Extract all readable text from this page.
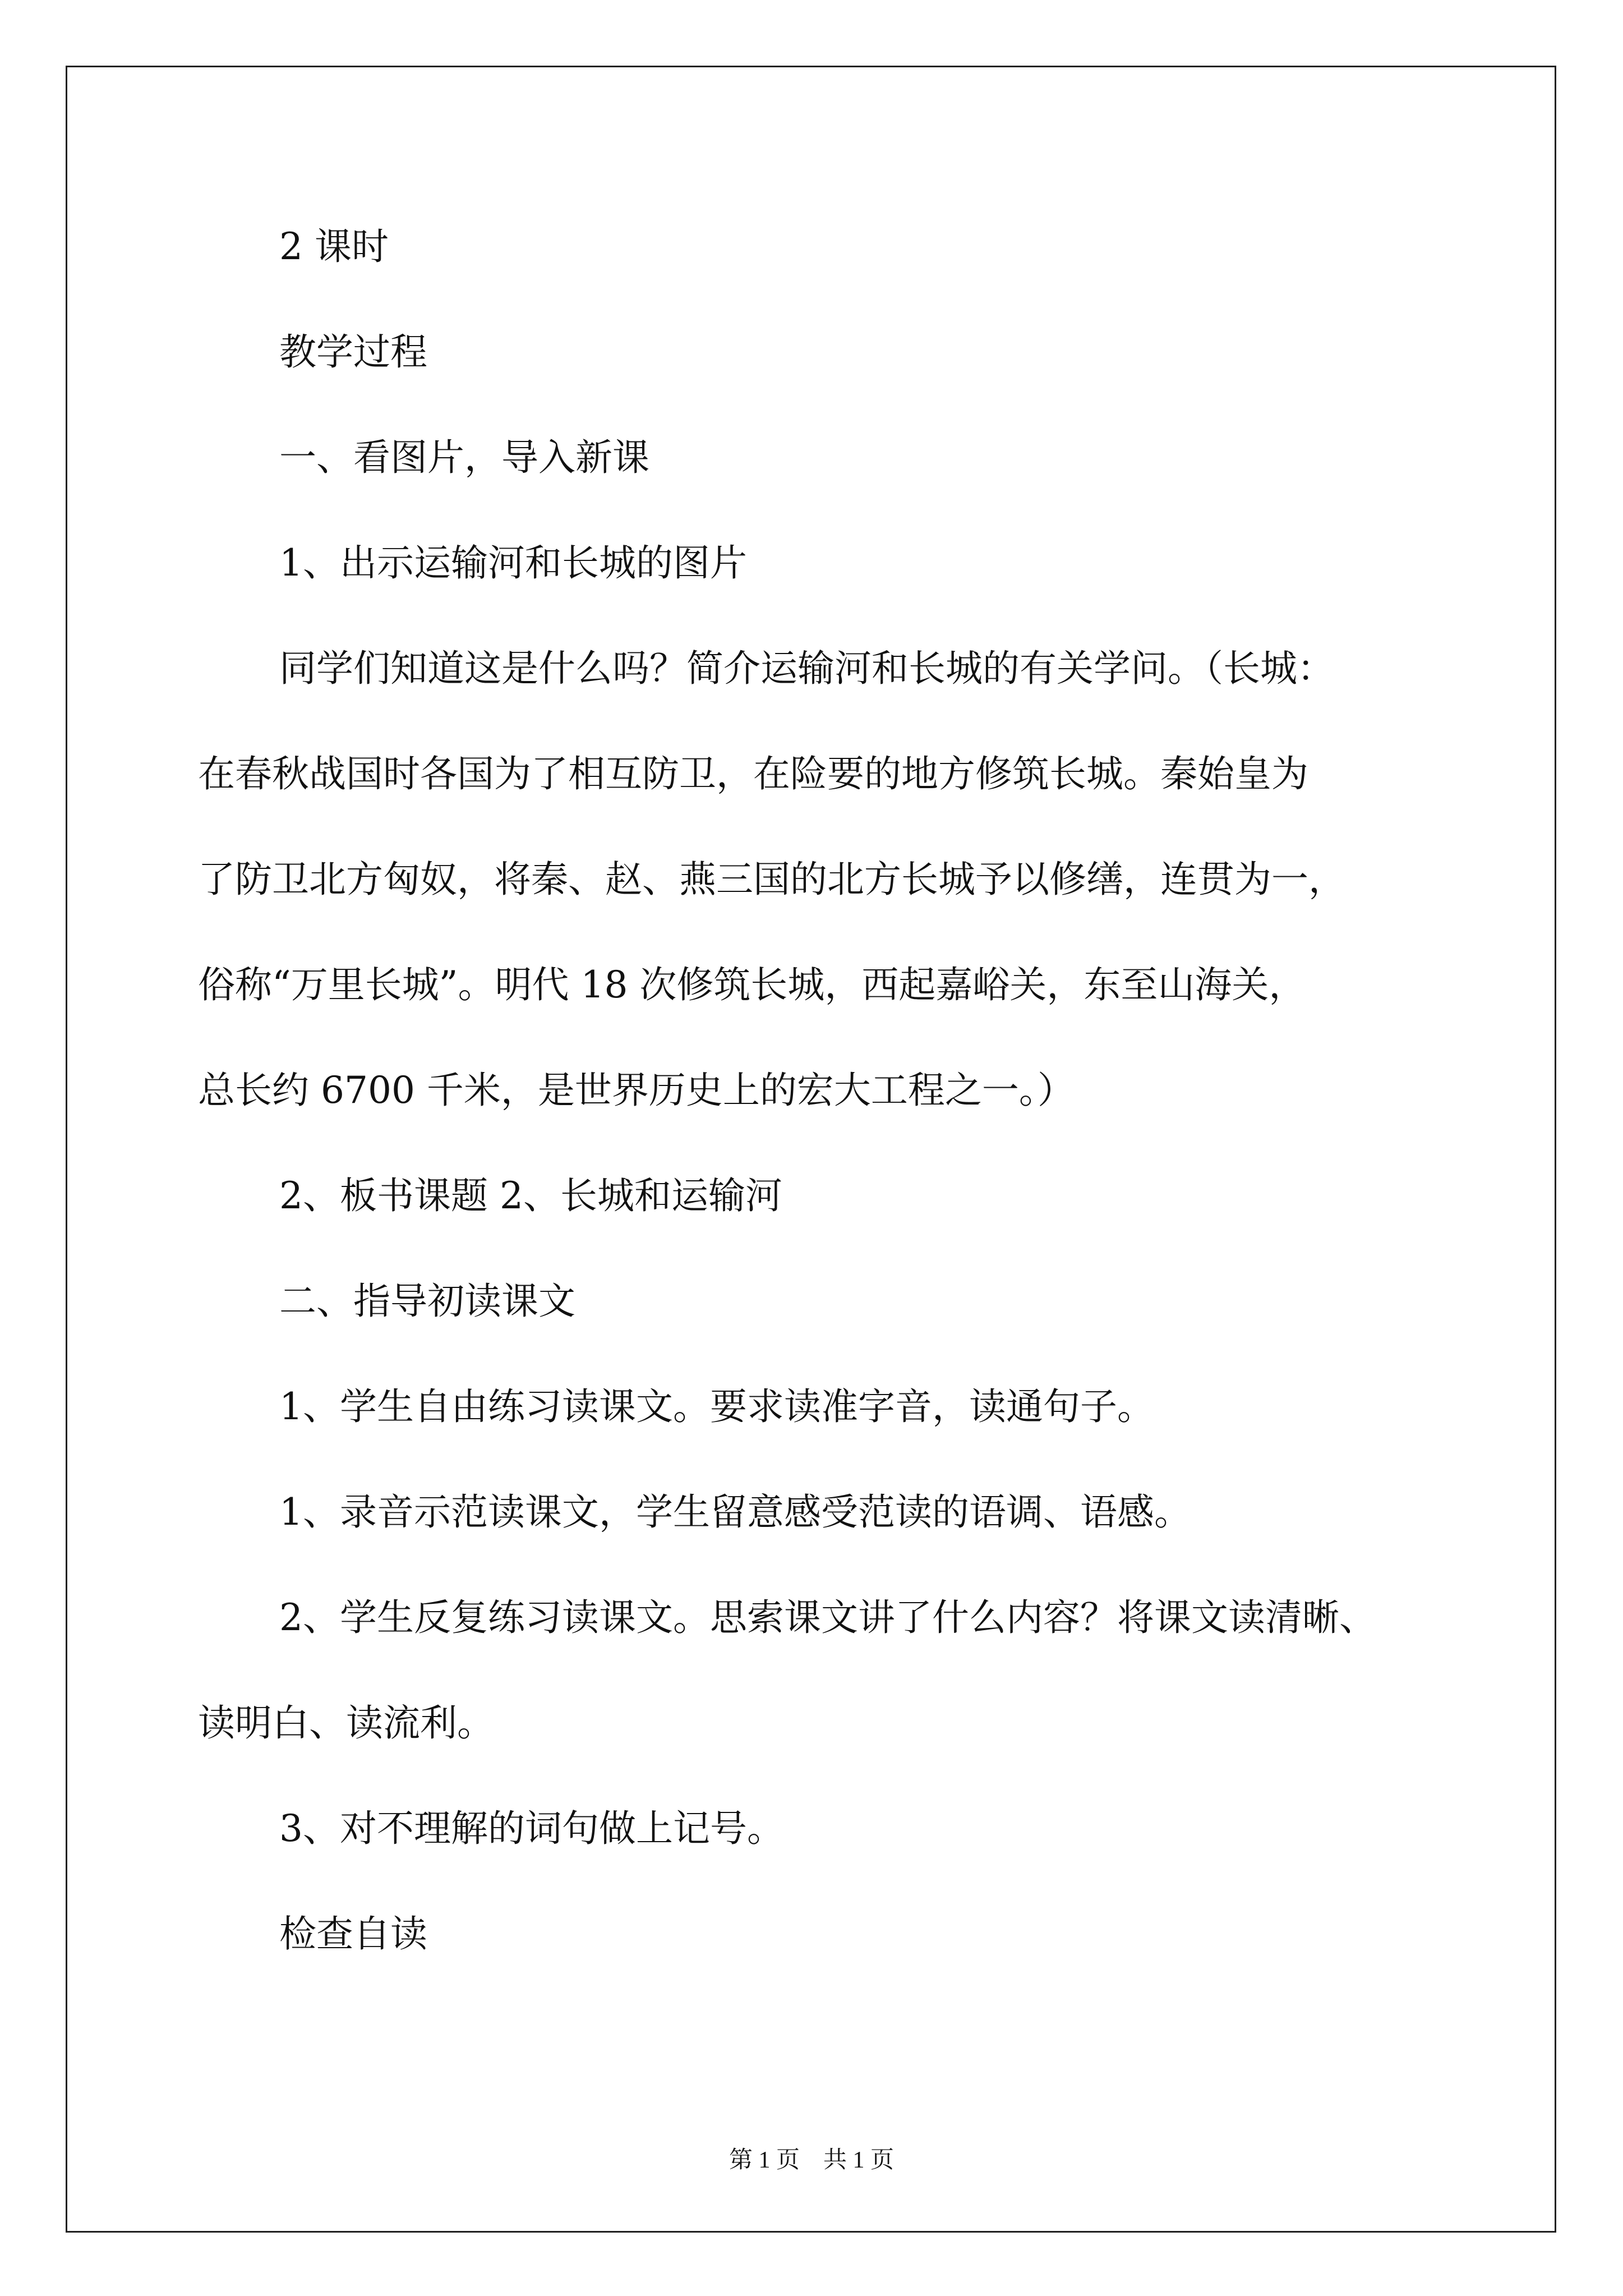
2 课时
教学过程
一、看图片，导入新课
1、出示运输河和长城的图片
同学们知道这是什么吗？简介运输河和长城的有关学问。（长城：
在春秋战国时各国为了相互防卫，在险要的地方修筑长城。秦始皇为
了防卫北方匈奴，将秦、赵、燕三国的北方长城予以修缮，连贯为一，
俗称“万里长城”。明代 18 次修筑长城，西起嘉峪关，东至山海关，
总长约 6700 千米，是世界历史上的宏大工程之一。）
2、板书课题 2、长城和运输河
二、指导初读课文
1、学生自由练习读课文。要求读准字音，读通句子。
1、录音示范读课文，学生留意感受范读的语调、语感。
2、学生反复练习读课文。思索课文讲了什么内容？将课文读清晰、
读明白、读流利。
3、对不理解的词句做上记号。
检查自读
第 1 页　共 1 页
